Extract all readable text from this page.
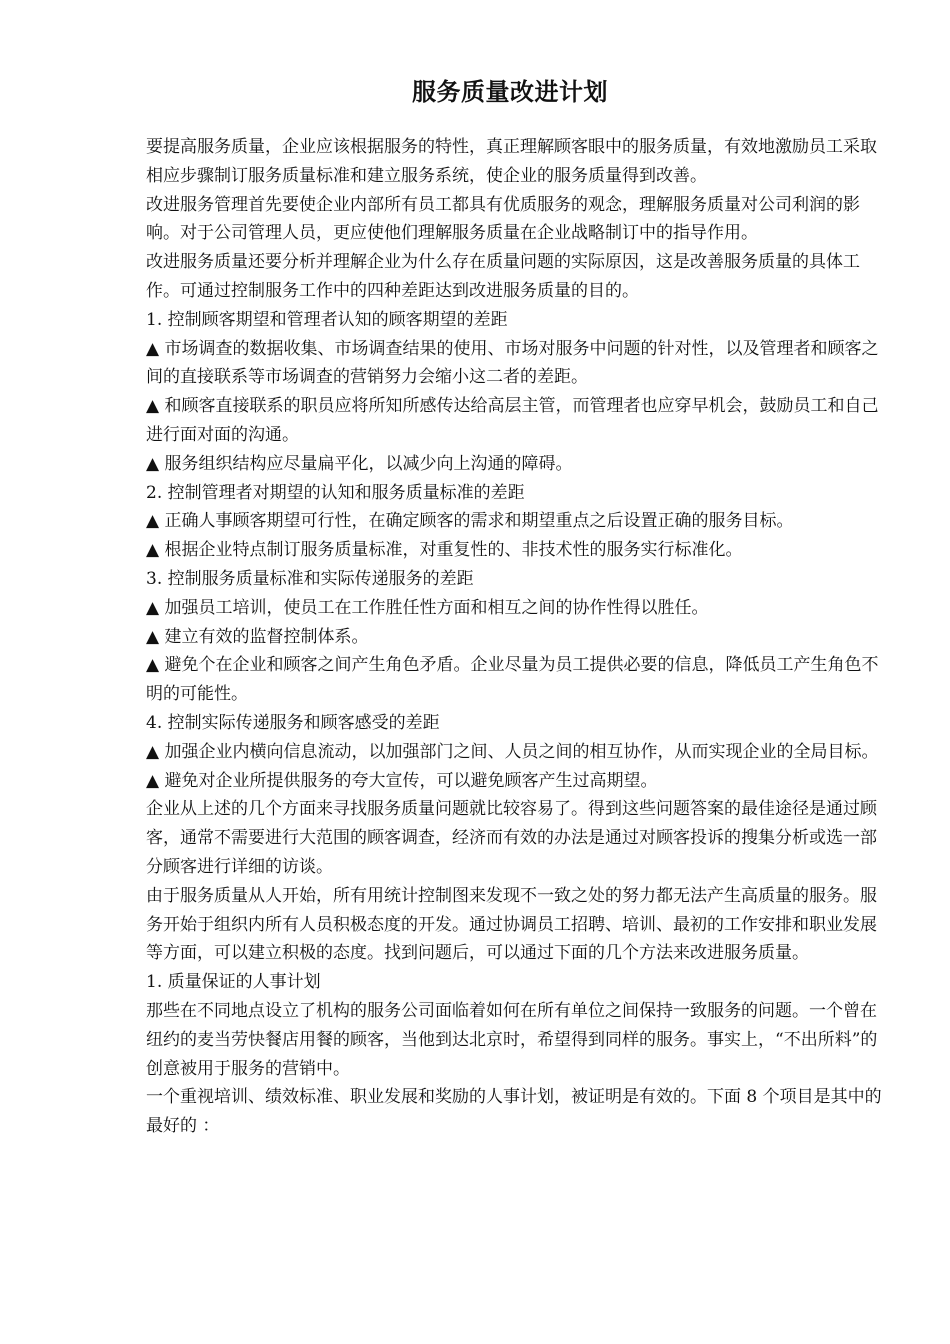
服务质量改进计划

要提高服务质量，企业应该根据服务的特性，真正理解顾客眼中的服务质量，有效地激励员工采取相应步骤制订服务质量标准和建立服务系统，使企业的服务质量得到改善。

改进服务管理首先要使企业内部所有员工都具有优质服务的观念，理解服务质量对公司利润的影响。对于公司管理人员，更应使他们理解服务质量在企业战略制订中的指导作用。

改进服务质量还要分析并理解企业为什么存在质量问题的实际原因，这是改善服务质量的具体工作。可通过控制服务工作中的四种差距达到改进服务质量的目的。

1. 控制顾客期望和管理者认知的顾客期望的差距

▲ 市场调查的数据收集、市场调查结果的使用、市场对服务中问题的针对性，以及管理者和顾客之间的直接联系等市场调查的营销努力会缩小这二者的差距。

▲ 和顾客直接联系的职员应将所知所感传达给高层主管，而管理者也应穿早机会，鼓励员工和自己进行面对面的沟通。

▲ 服务组织结构应尽量扁平化，以减少向上沟通的障碍。

2. 控制管理者对期望的认知和服务质量标准的差距

▲ 正确人事顾客期望可行性，在确定顾客的需求和期望重点之后设置正确的服务目标。

▲ 根据企业特点制订服务质量标准，对重复性的、非技术性的服务实行标准化。

3. 控制服务质量标准和实际传递服务的差距

▲ 加强员工培训，使员工在工作胜任性方面和相互之间的协作性得以胜任。

▲ 建立有效的监督控制体系。

▲ 避免个在企业和顾客之间产生角色矛盾。企业尽量为员工提供必要的信息，降低员工产生角色不明的可能性。

4. 控制实际传递服务和顾客感受的差距

▲ 加强企业内横向信息流动，以加强部门之间、人员之间的相互协作，从而实现企业的全局目标。

▲ 避免对企业所提供服务的夸大宣传，可以避免顾客产生过高期望。

企业从上述的几个方面来寻找服务质量问题就比较容易了。得到这些问题答案的最佳途径是通过顾客，通常不需要进行大范围的顾客调查，经济而有效的办法是通过对顾客投诉的搜集分析或选一部分顾客进行详细的访谈。

由于服务质量从人开始，所有用统计控制图来发现不一致之处的努力都无法产生高质量的服务。服务开始于组织内所有人员积极态度的开发。通过协调员工招聘、培训、最初的工作安排和职业发展等方面，可以建立积极的态度。找到问题后，可以通过下面的几个方法来改进服务质量。

1. 质量保证的人事计划

那些在不同地点设立了机构的服务公司面临着如何在所有单位之间保持一致服务的问题。一个曾在纽约的麦当劳快餐店用餐的顾客，当他到达北京时，希望得到同样的服务。事实上，“不出所料”的创意被用于服务的营销中。

一个重视培训、绩效标准、职业发展和奖励的人事计划，被证明是有效的。下面 8 个项目是其中的最好的 ：
